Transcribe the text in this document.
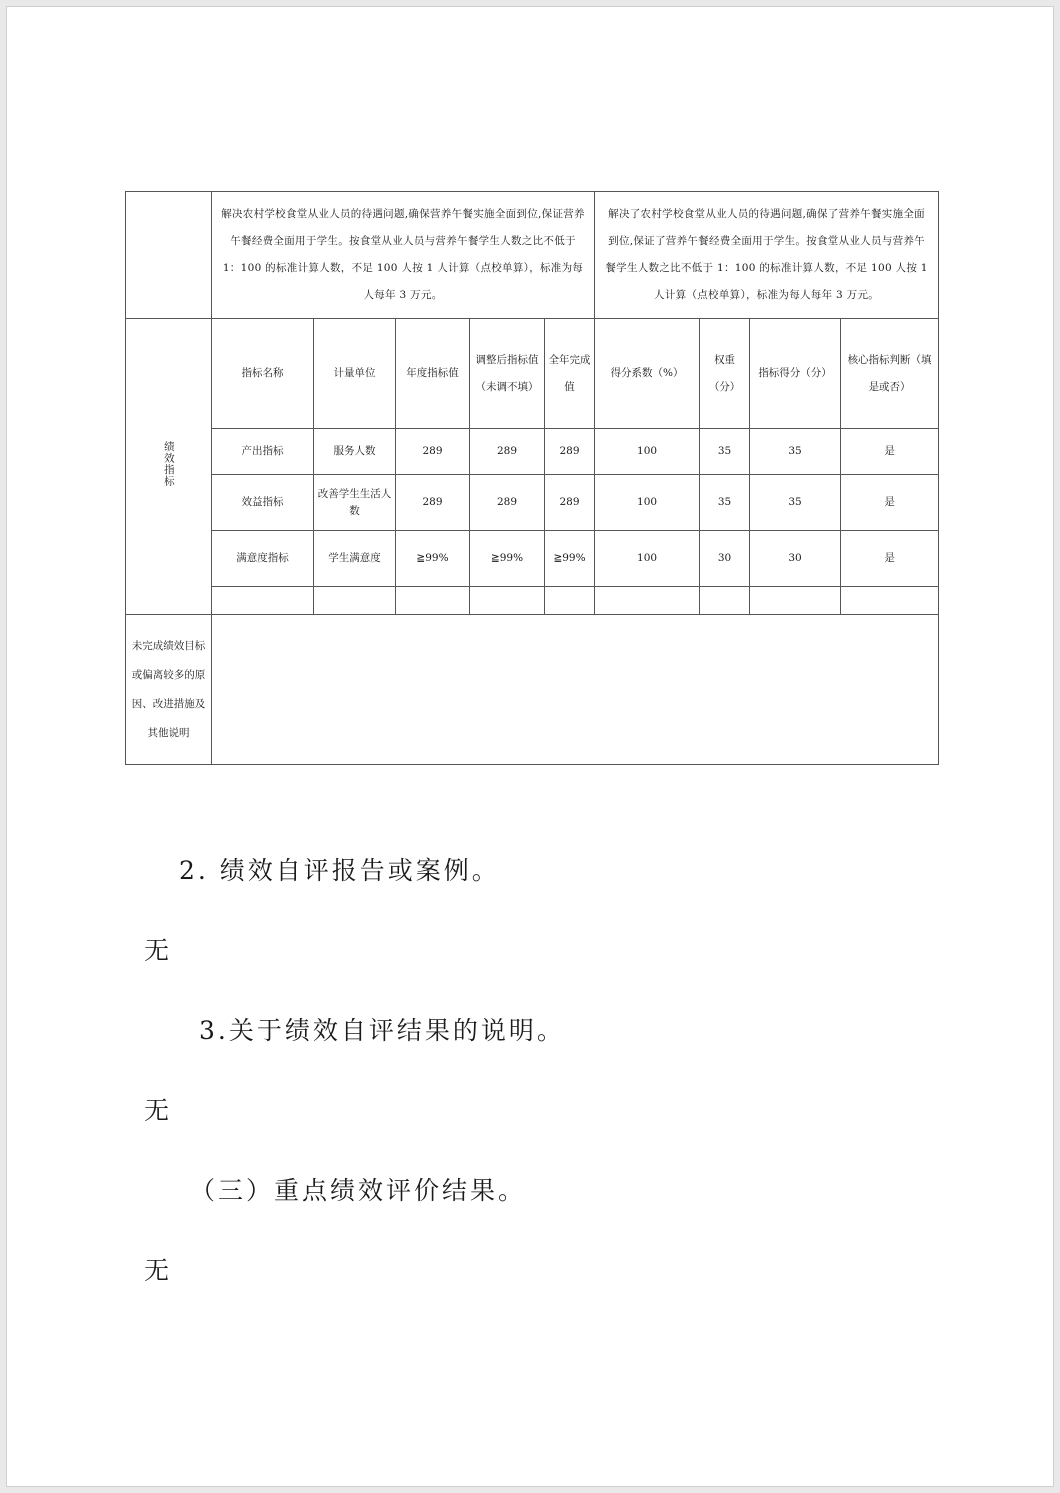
	解决农村学校食堂从业人员的待遇问题,确保营养午餐实施全面到位,保证营养午餐经费全面用于学生。按食堂从业人员与营养午餐学生人数之比不低于 1：100 的标准计算人数，不足 100 人按 1 人计算（点校单算），标准为每人每年 3 万元。					解决了农村学校食堂从业人员的待遇问题,确保了营养午餐实施全面到位,保证了营养午餐经费全面用于学生。按食堂从业人员与营养午餐学生人数之比不低于 1：100 的标准计算人数，不足 100 人按 1 人计算（点校单算），标准为每人每年 3 万元。			
绩效指标	指标名称	计量单位	年度指标值	调整后指标值（未调不填）	全年完成值	得分系数（%）	权重（分）	指标得分（分）	核心指标判断（填是或否）
	产出指标	服务人数	289	289	289	100	35	35	是
	效益指标	改善学生生活人数	289	289	289	100	35	35	是
	满意度指标	学生满意度	≧99%	≧99%	≧99%	100	30	30	是

未完成绩效目标或偏离较多的原因、改进措施及其他说明									
2. 绩效自评报告或案例。
无
3.关于绩效自评结果的说明。
无
（三）重点绩效评价结果。
无
